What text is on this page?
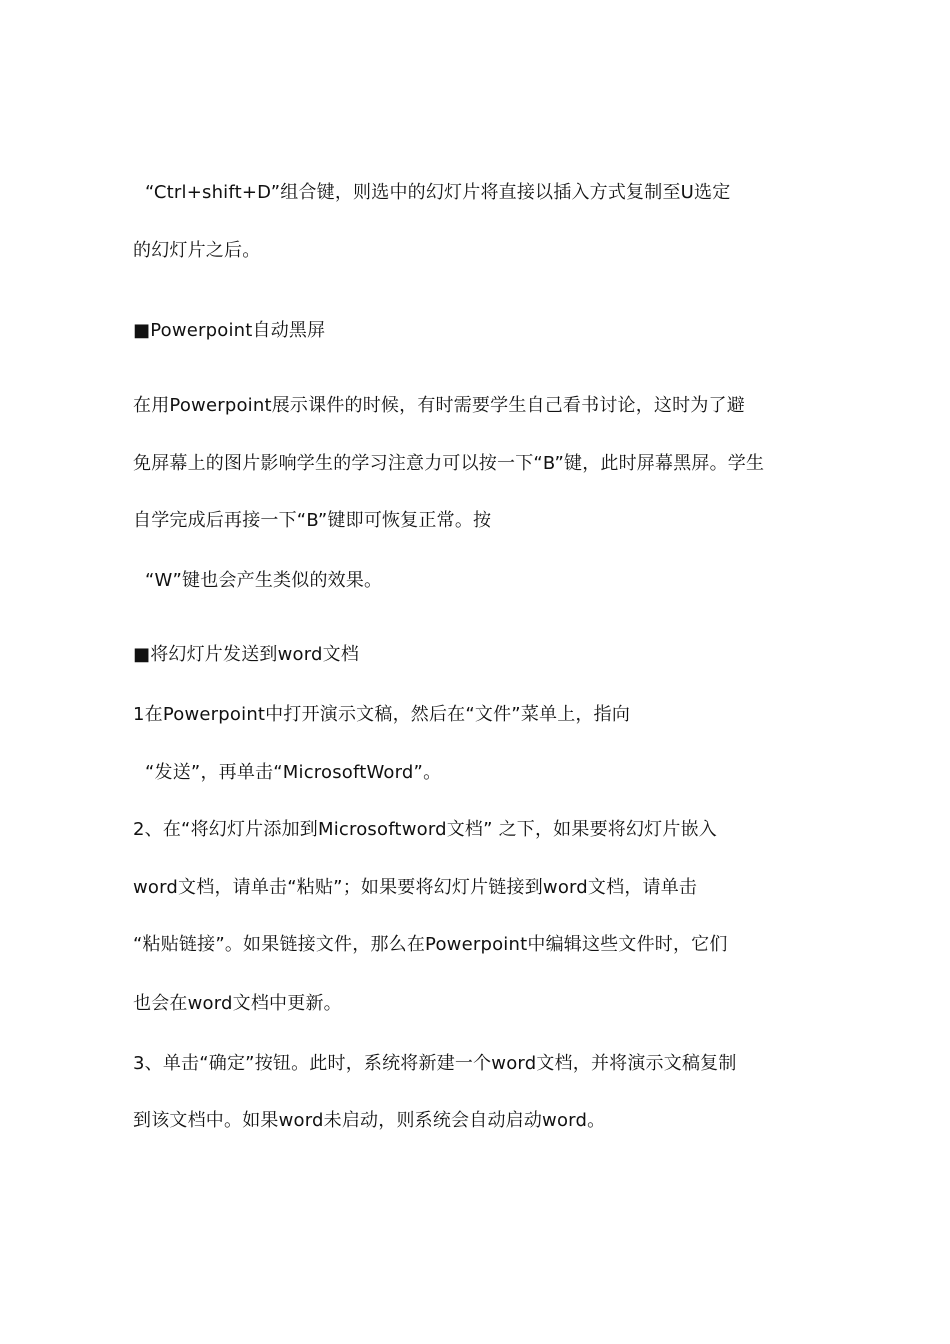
“Ctrl+shift+D”组合键，则选中的幻灯片将直接以插入方式复制至U选定
的幻灯片之后。
■Powerpoint自动黑屏
在用Powerpoint展示课件的时候，有时需要学生自己看书讨论，这时为了避
免屏幕上的图片影响学生的学习注意力可以按一下“B”键，此时屏幕黑屏。学生
自学完成后再接一下“B”键即可恢复正常。按
“W”键也会产生类似的效果。
■将幻灯片发送到word文档
1在Powerpoint中打开演示文稿，然后在“文件”菜单上，指向
“发送”，再单击“MicrosoftWord”。
2、在“将幻灯片添加到Microsoftword文档” 之下，如果要将幻灯片嵌入
word文档，请单击“粘贴”；如果要将幻灯片链接到word文档，请单击
“粘贴链接”。如果链接文件，那么在Powerpoint中编辑这些文件时，它们
也会在word文档中更新。
3、单击“确定”按钮。此时，系统将新建一个word文档，并将演示文稿复制
到该文档中。如果word未启动，则系统会自动启动word。
